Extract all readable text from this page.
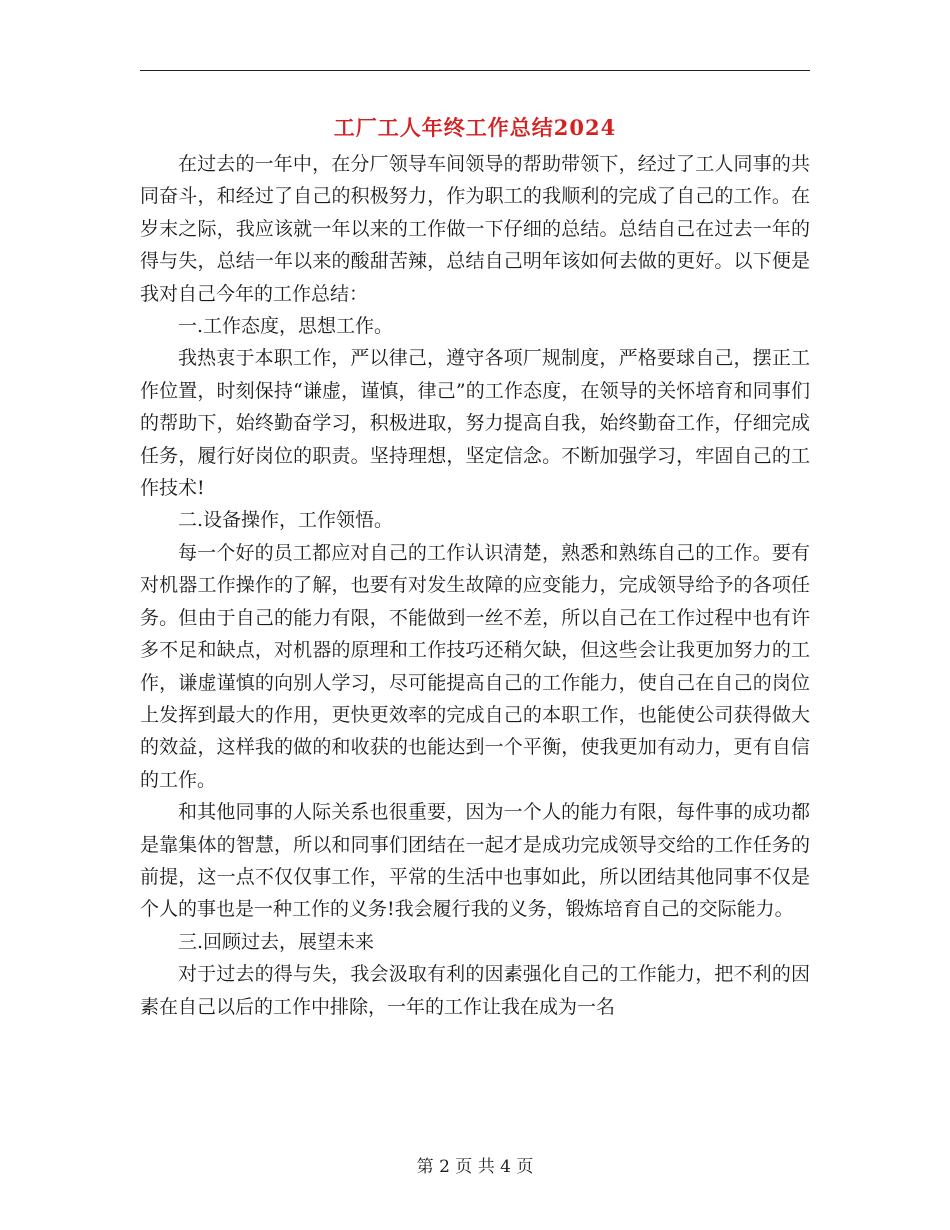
工厂工人年终工作总结2024

在过去的一年中，在分厂领导车间领导的帮助带领下，经过了工人同事的共同奋斗，和经过了自己的积极努力，作为职工的我顺利的完成了自己的工作。在岁末之际，我应该就一年以来的工作做一下仔细的总结。总结自己在过去一年的得与失，总结一年以来的酸甜苦辣，总结自己明年该如何去做的更好。以下便是我对自己今年的工作总结：

一.工作态度，思想工作。

我热衷于本职工作，严以律己，遵守各项厂规制度，严格要球自己，摆正工作位置，时刻保持“谦虚，谨慎，律己”的工作态度，在领导的关怀培育和同事们的帮助下，始终勤奋学习，积极进取，努力提高自我，始终勤奋工作，仔细完成任务，履行好岗位的职责。坚持理想，坚定信念。不断加强学习，牢固自己的工作技术!

二.设备操作，工作领悟。

每一个好的员工都应对自己的工作认识清楚，熟悉和熟练自己的工作。要有对机器工作操作的了解，也要有对发生故障的应变能力，完成领导给予的各项任务。但由于自己的能力有限，不能做到一丝不差，所以自己在工作过程中也有许多不足和缺点，对机器的原理和工作技巧还稍欠缺，但这些会让我更加努力的工作，谦虚谨慎的向别人学习，尽可能提高自己的工作能力，使自己在自己的岗位上发挥到最大的作用，更快更效率的完成自己的本职工作，也能使公司获得做大的效益，这样我的做的和收获的也能达到一个平衡，使我更加有动力，更有自信的工作。

和其他同事的人际关系也很重要，因为一个人的能力有限，每件事的成功都是靠集体的智慧，所以和同事们团结在一起才是成功完成领导交给的工作任务的前提，这一点不仅仅事工作，平常的生活中也事如此，所以团结其他同事不仅是个人的事也是一种工作的义务!我会履行我的义务，锻炼培育自己的交际能力。

三.回顾过去，展望未来

对于过去的得与失，我会汲取有利的因素强化自己的工作能力，把不利的因素在自己以后的工作中排除，一年的工作让我在成为一名

第 2 页 共 4 页
